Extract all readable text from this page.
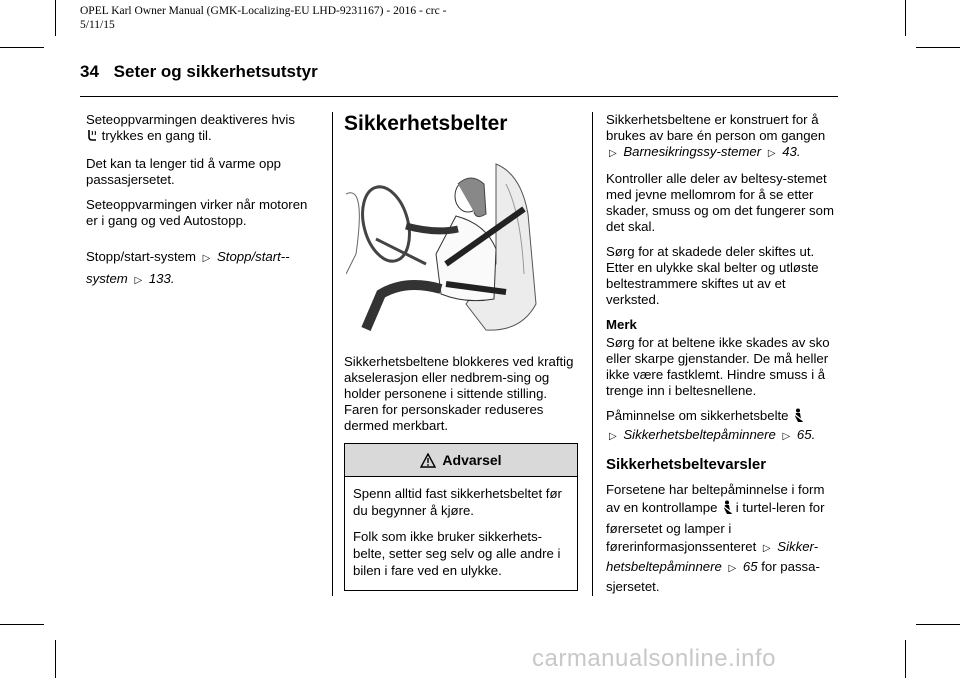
OPEL Karl Owner Manual (GMK-Localizing-EU LHD-9231167) - 2016 - crc -
5/11/15
34 Seter og sikkerhetsutstyr

Seteoppvarmingen deaktiveres hvis
trykkes en gang til.

Det kan ta lenger tid å varme opp passasjersetet.

Seteoppvarmingen virker når motoren er i gang og ved Autostopp.

Stopp/start-system ▷ Stopp/start--
system ▷ 133.

Sikkerhetsbelter

Sikkerhetsbeltene blokkeres ved kraftig akselerasjon eller nedbrem-sing og holder personene i sittende stilling. Faren for personskader reduseres dermed merkbart.

Advarsel

Spenn alltid fast sikkerhetsbeltet før du begynner å kjøre.

Folk som ikke bruker sikkerhets-belte, setter seg selv og alle andre i bilen i fare ved en ulykke.

Sikkerhetsbeltene er konstruert for å brukes av bare én person om gangen ▷ Barnesikringssy-stemer ▷ 43.

Kontroller alle deler av beltesy-stemet med jevne mellomrom for å se etter skader, smuss og om det fungerer som det skal.

Sørg for at skadede deler skiftes ut. Etter en ulykke skal belter og utløste beltestrammere skiftes ut av et verksted.

Merk

Sørg for at beltene ikke skades av sko eller skarpe gjenstander. De må heller ikke være fastklemt. Hindre smuss i å trenge inn i beltesnellene.

Påminnelse om sikkerhetsbelte
▷ Sikkerhetsbeltepåminnere ▷ 65.

Sikkerhetsbeltevarsler

Forsetene har beltepåminnelse i form av en kontrollampe i turtel-leren for førersetet og lamper i førerinformasjonssenteret ▷ Sikker-hetsbeltepåminnere ▷ 65 for passa-sjersetet.

carmanualsonline.info
